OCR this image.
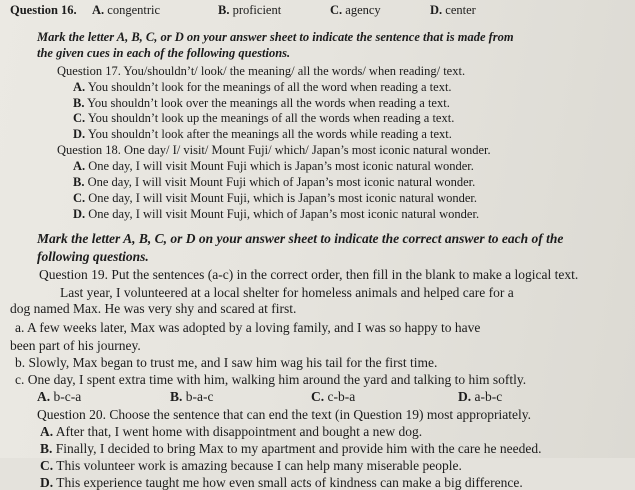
Question 16. A. congentric	B. proficient	C. agency	D. center
Mark the letter A, B, C, or D on your answer sheet to indicate the sentence that is made from
the given cues in each of the following questions.
Question 17. You/shouldn’t/ look/ the meaning/ all the words/ when reading/ text.
A. You shouldn’t look for the meanings of all the word when reading a text.
B. You shouldn’t look over the meanings all the words when reading a text.
C. You shouldn’t look up the meanings of all the words when reading a text.
D. You shouldn’t look after the meanings all the words while reading a text.
Question 18. One day/ I/ visit/ Mount Fuji/ which/ Japan’s most iconic natural wonder.
A. One day, I will visit Mount Fuji which is Japan’s most iconic natural wonder.
B. One day, I will visit Mount Fuji which of Japan’s most iconic natural wonder.
C. One day, I will visit Mount Fuji, which is Japan’s most iconic natural wonder.
D. One day, I will visit Mount Fuji, which of Japan’s most iconic natural wonder.
Mark the letter A, B, C, or D on your answer sheet to indicate the correct answer to each of the
following questions.
Question 19. Put the sentences (a-c) in the correct order, then fill in the blank to make a logical text.
Last year, I volunteered at a local shelter for homeless animals and helped care for a
dog named Max. He was very shy and scared at first.
a. A few weeks later, Max was adopted by a loving family, and I was so happy to have
been part of his journey.
b. Slowly, Max began to trust me, and I saw him wag his tail for the first time.
c. One day, I spent extra time with him, walking him around the yard and talking to him softly.
A. b-c-a	B. b-a-c	C. c-b-a	D. a-b-c
Question 20. Choose the sentence that can end the text (in Question 19) most appropriately.
A. After that, I went home with disappointment and bought a new dog.
B. Finally, I decided to bring Max to my apartment and provide him with the care he needed.
C. This volunteer work is amazing because I can help many miserable people.
D. This experience taught me how even small acts of kindness can make a big difference.
